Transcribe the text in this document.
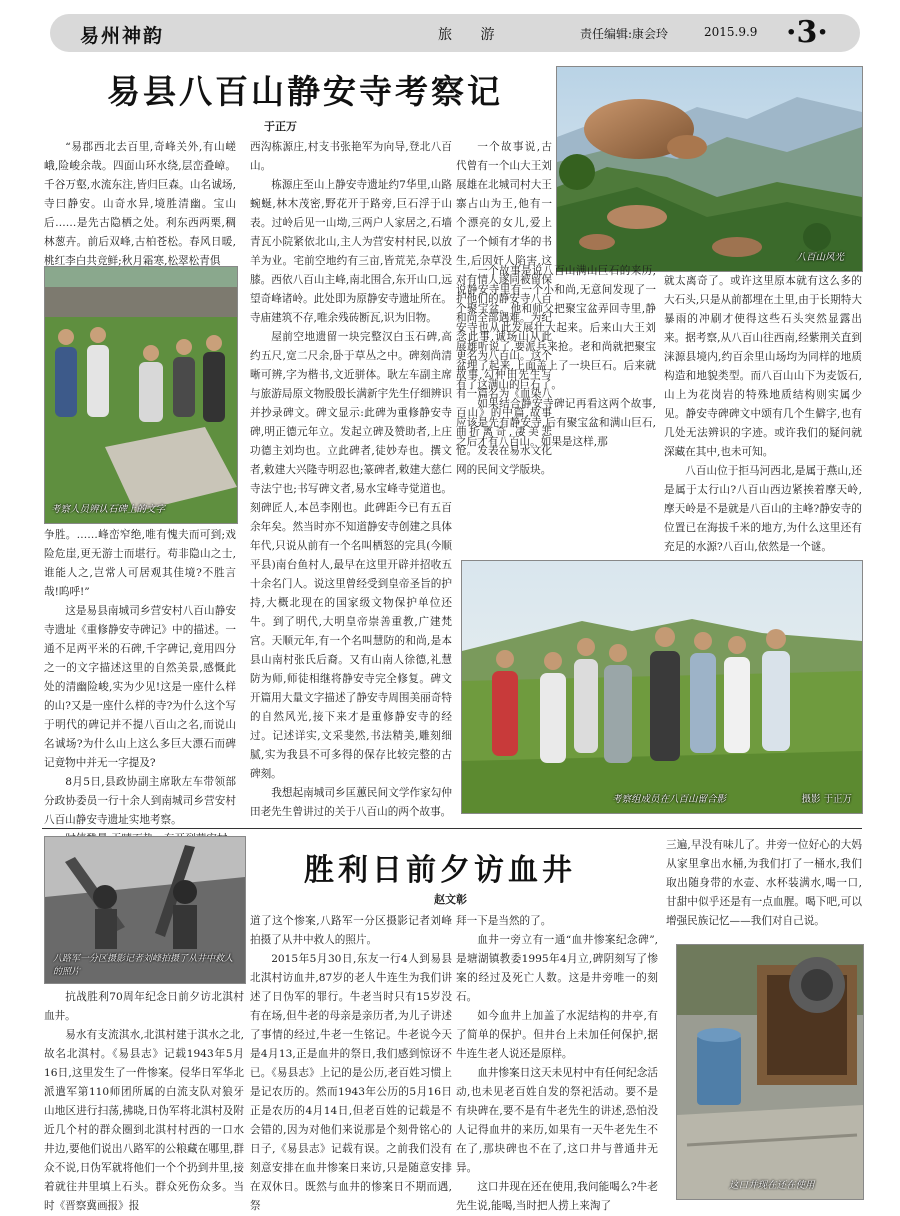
易州神韵	旅 游	责任编辑:康会玲	2015.9.9 ·3·
易县八百山静安寺考察记
于正万
八百山风光
考察人员辨认石碑上的文字

“易郡西北去百里,奇峰关外,有山嵯峨,险峻余哉。四面山环水绕,层峦叠嶂。千谷万壑,水流东注,皆归巨森。山名诚场,寺曰静安。山奇水异,境胜清幽。宝山后……是先古隐栖之处。利东西两栗,稠林葱卉。前后双峰,古柏苍松。春风日暖,桃红李白共竞鲜;秋月霜寒,松翠松青俱

争胜。……峰峦窄绝,唯有愧夫而可到;戏险危崖,更无游士而堪行。苟非隐山之士,谁能人之,岂常人可居观其佳境?不胜言哉!呜呼!”

这是易县南城司乡营安村八百山静安寺遗址《重修静安寺碑记》中的描述。一通不足两平米的石碑,千字碑记,竟用四分之一的文字描述这里的自然美景,感慨此处的清幽险峻,实为少见!这是一座什么样的山?又是一座什么样的寺?为什么这个写于明代的碑记并不提八百山之名,而说山名诚场?为什么山上这么多巨大漂石而碑记竟物中并无一字提及?

8月5日,县政协副主席耿左车带领部分政协委员一行十余人到南城司乡营安村八百山静安寺遗址实地考察。

西沟栋源庄,村支书张艳军为向导,登北八百山。

栋源庄至山上静安寺遗址约7华里,山路蜿蜒,林木茂密,野花开于路旁,巨石浮于山表。过岭后见一山坳,三两户人家居之,石墙青瓦小院紧依北山,主人为营安村村民,以放羊为业。宅前空地约有三亩,皆荒芜,杂草没膝。西依八百山主峰,南北围合,东开山口,远望奇峰诸岭。此处即为原静安寺遗址所在。寺庙建筑不存,唯余残砖断瓦,识为旧物。

屋前空地遗留一块完整汉白玉石碑,高约五尺,宽二尺余,卧于草丛之中。碑刻尚清晰可辨,字为楷书,文近骈体。耿左车副主席与旅游局原文物股殷长满新宇先生仔细辨识并抄录碑文。碑文显示:此碑为重修静安寺碑,明正德元年立。发起立碑及赞助者,上庄功德主刘均也。立此碑者,徒妙寿也。撰文者,敕建大兴隆寺明忍也;篆碑者,敕建大慈仁寺法宁也;书写碑文者,易水宝峰寺觉道也。刻碑匠人,本邑李刚也。此碑距今已有五百余年矣。然当时亦不知道静安寺创建之具体年代,只说从前有一个名叫栖怒的完具(今顺平县)南台鱼村人,最早在这里开辟并招收五十余名门人。说这里曾经受到皇帝圣旨的护持,大概北现在的国家级文物保护单位还牛。到了明代,大明皇帝崇善重教,广建梵宫。天顺元年,有一个名叫慧防的和尚,是本县山南村张氏后裔。又有山南人徐德,礼慧防为师,师徒相继将静安寺完全修复。碑文开篇用大量文字描述了静安寺周围美丽奇特的自然风光,接下来才是重修静安寺的经过。记述详实,文采斐然,书法精美,雕刻细腻,实为我县不可多得的保存比较完整的古碑刻。

我想起南城司乡匡蕙民间文学作家勾仲田老先生曾讲过的关于八百山的两个故事。

一个故事说,古代曾有一个山大王刘展雄在北城司村大王寨占山为王,他有一个漂亮的女儿,爱上了一个倾有才华的书生,后因奸人陷害,这对有情人遂同被留保护他们的静安寺八百和尚全部遇难。为纪念此事,诚场山从此更名为八百山。这个故事,勾仲田先生写有一篇名为《血染八百山》的中篇,故事曲折离奇,凄美悲怆。发表在易水文化网的民间文学版块。

一个故事是说八百山满山巨石的来历,说静安寺里有一个小和尚,无意间发现了一个聚宝盆。他和师父把聚宝盆弄回寺里,静安寺也从此发展壮大起来。后来山大王刘展雄听说了,要派兵来抢。老和尚就把聚宝盆埋了起来,上面盖上了一块巨石。后来就有了这满山的巨石了。

如果结合静安寺碑记再看这两个故事,应该是先有静安寺,后有聚宝盆和满山巨石,之后才有八百山。如果是这样,那

就太离奇了。或许这里原本就有这么多的大石头,只是从前都埋在土里,由于长期特大暴雨的冲刷才使得这些石头突然显露出来。据考察,从八百山往西南,经紫荆关直到涞源县境内,约百余里山场均为同样的地质构造和地貌类型。而八百山山下为麦饭石,山上为花岗岩的特殊地质结构则实属少见。静安寺碑碑文中颂有几个生僻字,也有几处无法辨识的字迹。或许我们的疑问就深藏在其中,也未可知。

八百山位于拒马河西北,是属于燕山,还是属于太行山?八百山西边紧挨着摩天岭,摩天岭是不是就是八百山的主峰?静安寺的位置已在海拔千米的地方,为什么这里还有充足的水源?八百山,依然是一个谜。

考察组成员在八百山留合影	摄影 于正万
胜利日前夕访血井
赵文彰
八路军一分区摄影记者刘峰拍摄了从井中救人的照片

抗战胜利70周年纪念日前夕访北淇村血井。

易水有支流淇水,北淇村建于淇水之北,故名北淇村。《易县志》记载1943年5月16日,这里发生了一件惨案。侵华日军华北派遣军第110师团所属的白流支队对狼牙山地区进行扫荡,拂晓,日伪军将北淇村及附近几个村的群众圈到北淇村村西的一口水井边,要他们说出八路军的公粮藏在哪里,群众不说,日伪军就将他们一个个扔到井里,接着就往井里填上石头。群众死伤众多。当时《晋察冀画报》报

道了这个惨案,八路军一分区摄影记者刘峰拍摄了从井中救人的照片。

2015年5月30日,东友一行4人到易县北淇村访血井,87岁的老人牛连生为我们讲述了日伪军的罪行。牛老当时只有15岁没有在场,但牛老的母亲是亲历者,为儿子讲述了事情的经过,牛老一生铭记。牛老说今天是4月13,正是血井的祭日,我们感到惊讶不已。《易县志》上记的是公历,老百姓习惯上是记农历的。然而1943年公历的5月16日正是农历的4月14日,但老百姓的记载是不会错的,因为对他们来说那是个刻骨铭心的日子,《易县志》记载有误。之前我们没有刻意安排在血井惨案日来访,只是随意安排在双休日。既然与血井的惨案日不期而遇,祭

拜一下是当然的了。

血井一旁立有一通“血井惨案纪念碑”,是塘湖镇教委1995年4月立,碑阴刻写了惨案的经过及死亡人数。这是井旁唯一的刻石。

如今血井上加盖了水泥结构的井亭,有了简单的保护。但井台上未加任何保护,据牛连生老人说还是原样。

血井惨案日这天未见村中有任何纪念活动,也未见老百姓自发的祭祀活动。要不是有块碑在,要不是有牛老先生的讲述,恐怕没人记得血井的来历,如果有一天牛老先生不在了,那块碑也不在了,这口井与普通井无异。

这口井现在还在使用,我问能喝么?牛老先生说,能喝,当时把人捞上来淘了

三遍,早没有味儿了。井旁一位好心的大妈从家里拿出水桶,为我们打了一桶水,我们取出随身带的水壶、水杯装满水,喝一口,甘甜中似乎还是有一点血腥。喝下吧,可以增强民族记忆——我们对自己说。

这口井现在还在使用
